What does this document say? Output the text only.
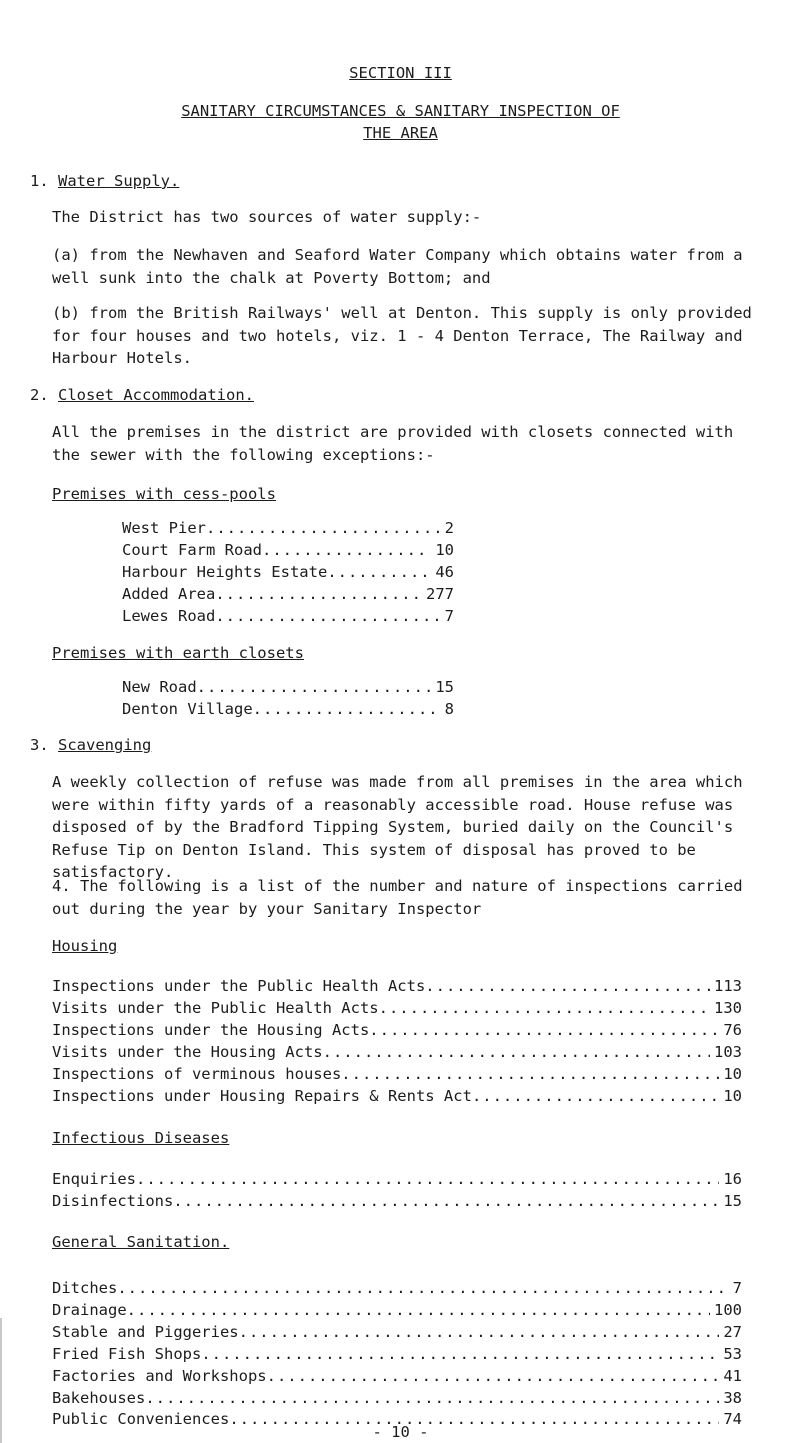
SECTION III
SANITARY CIRCUMSTANCES & SANITARY INSPECTION OF
THE AREA
1. Water Supply.
The District has two sources of water supply:-
(a) from the Newhaven and Seaford Water Company which obtains water from a well sunk into the chalk at Poverty Bottom; and
(b) from the British Railways' well at Denton. This supply is only provided for four houses and two hotels, viz. 1 - 4 Denton Terrace, The Railway and Harbour Hotels.
2. Closet Accommodation.
All the premises in the district are provided with closets connected with the sewer with the following exceptions:-
Premises with cess-pools
West Pier .....	2
Court Farm Road .....	10
Harbour Heights Estate .....	46
Added Area .....	277
Lewes Road .....	7
Premises with earth closets
New Road .....	15
Denton Village .....	8
3. Scavenging
A weekly collection of refuse was made from all premises in the area which were within fifty yards of a reasonably accessible road. House refuse was disposed of by the Bradford Tipping System, buried daily on the Council's Refuse Tip on Denton Island. This system of disposal has proved to be satisfactory.
4. The following is a list of the number and nature of inspections carried out during the year by your Sanitary Inspector
Housing
Inspections under the Public Health Acts .....	113
Visits under the Public Health Acts .....	130
Inspections under the Housing Acts .....	76
Visits under the Housing Acts .....	103
Inspections of verminous houses .....	10
Inspections under Housing Repairs & Rents Act .....	10
Infectious Diseases
Enquiries .....	16
Disinfections .....	15
General Sanitation.
Ditches .....	7
Drainage .....	100
Stable and Piggeries .....	27
Fried Fish Shops .....	53
Factories and Workshops .....	41
Bakehouses .....	38
Public Conveniences .....	74
- 10 -
